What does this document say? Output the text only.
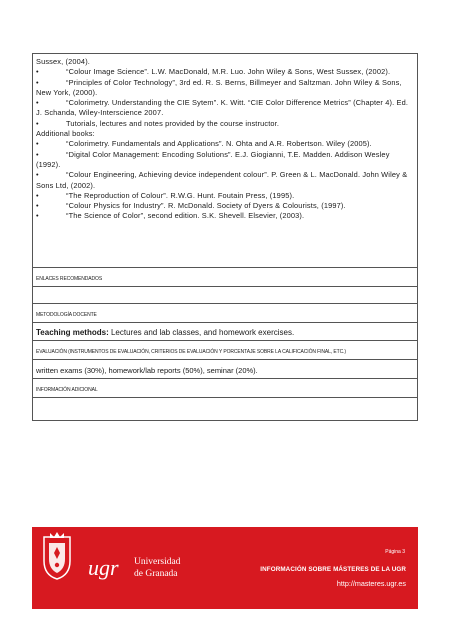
Sussex, (2004).
•	“Colour Image Science”. L.W. MacDonald, M.R. Luo. John Wiley & Sons, West Sussex, (2002).
•	“Principles of Color Technology”, 3rd ed. R. S. Berns, Billmeyer and Saltzman. John Wiley & Sons, New York, (2000).
•	“Colorimetry. Understanding the CIE Sytem”. K. Witt. “CIE Color Difference Metrics” (Chapter 4). Ed. J. Schanda, Wiley-Interscience 2007.
•	Tutorials, lectures and notes provided by the course instructor.
Additional books:
•	“Colorimetry. Fundamentals and Applications”. N. Ohta and A.R. Robertson. Wiley (2005).
•	“Digital Color Management: Encoding Solutions”. E.J. Giogianni, T.E. Madden. Addison Wesley (1992).
•	“Colour Engineering, Achieving device independent colour”. P. Green & L. MacDonald. John Wiley & Sons Ltd, (2002).
•	“The Reproduction of Colour”. R.W.G. Hunt. Foutain Press, (1995).
•	“Colour Physics for Industry”. R. McDonald. Society of Dyers & Colourists, (1997).
•	“The Science of Color”, second edition. S.K. Shevell. Elsevier, (2003).
ENLACES RECOMENDADOS
METODOLOGÍA DOCENTE
Teaching methods: Lectures and lab classes, and homework exercises.
EVALUACIÓN (INSTRUMENTOS DE EVALUACIÓN, CRITERIOS DE EVALUACIÓN Y PORCENTAJE SOBRE LA CALIFICACIÓN FINAL, ETC.)
written exams (30%), homework/lab reports (50%), seminar (20%).
INFORMACIÓN ADICIONAL
ugr Universidad
de Granada
Página 3
INFORMACIÓN SOBRE MÁSTERES DE LA UGR
http://masteres.ugr.es
